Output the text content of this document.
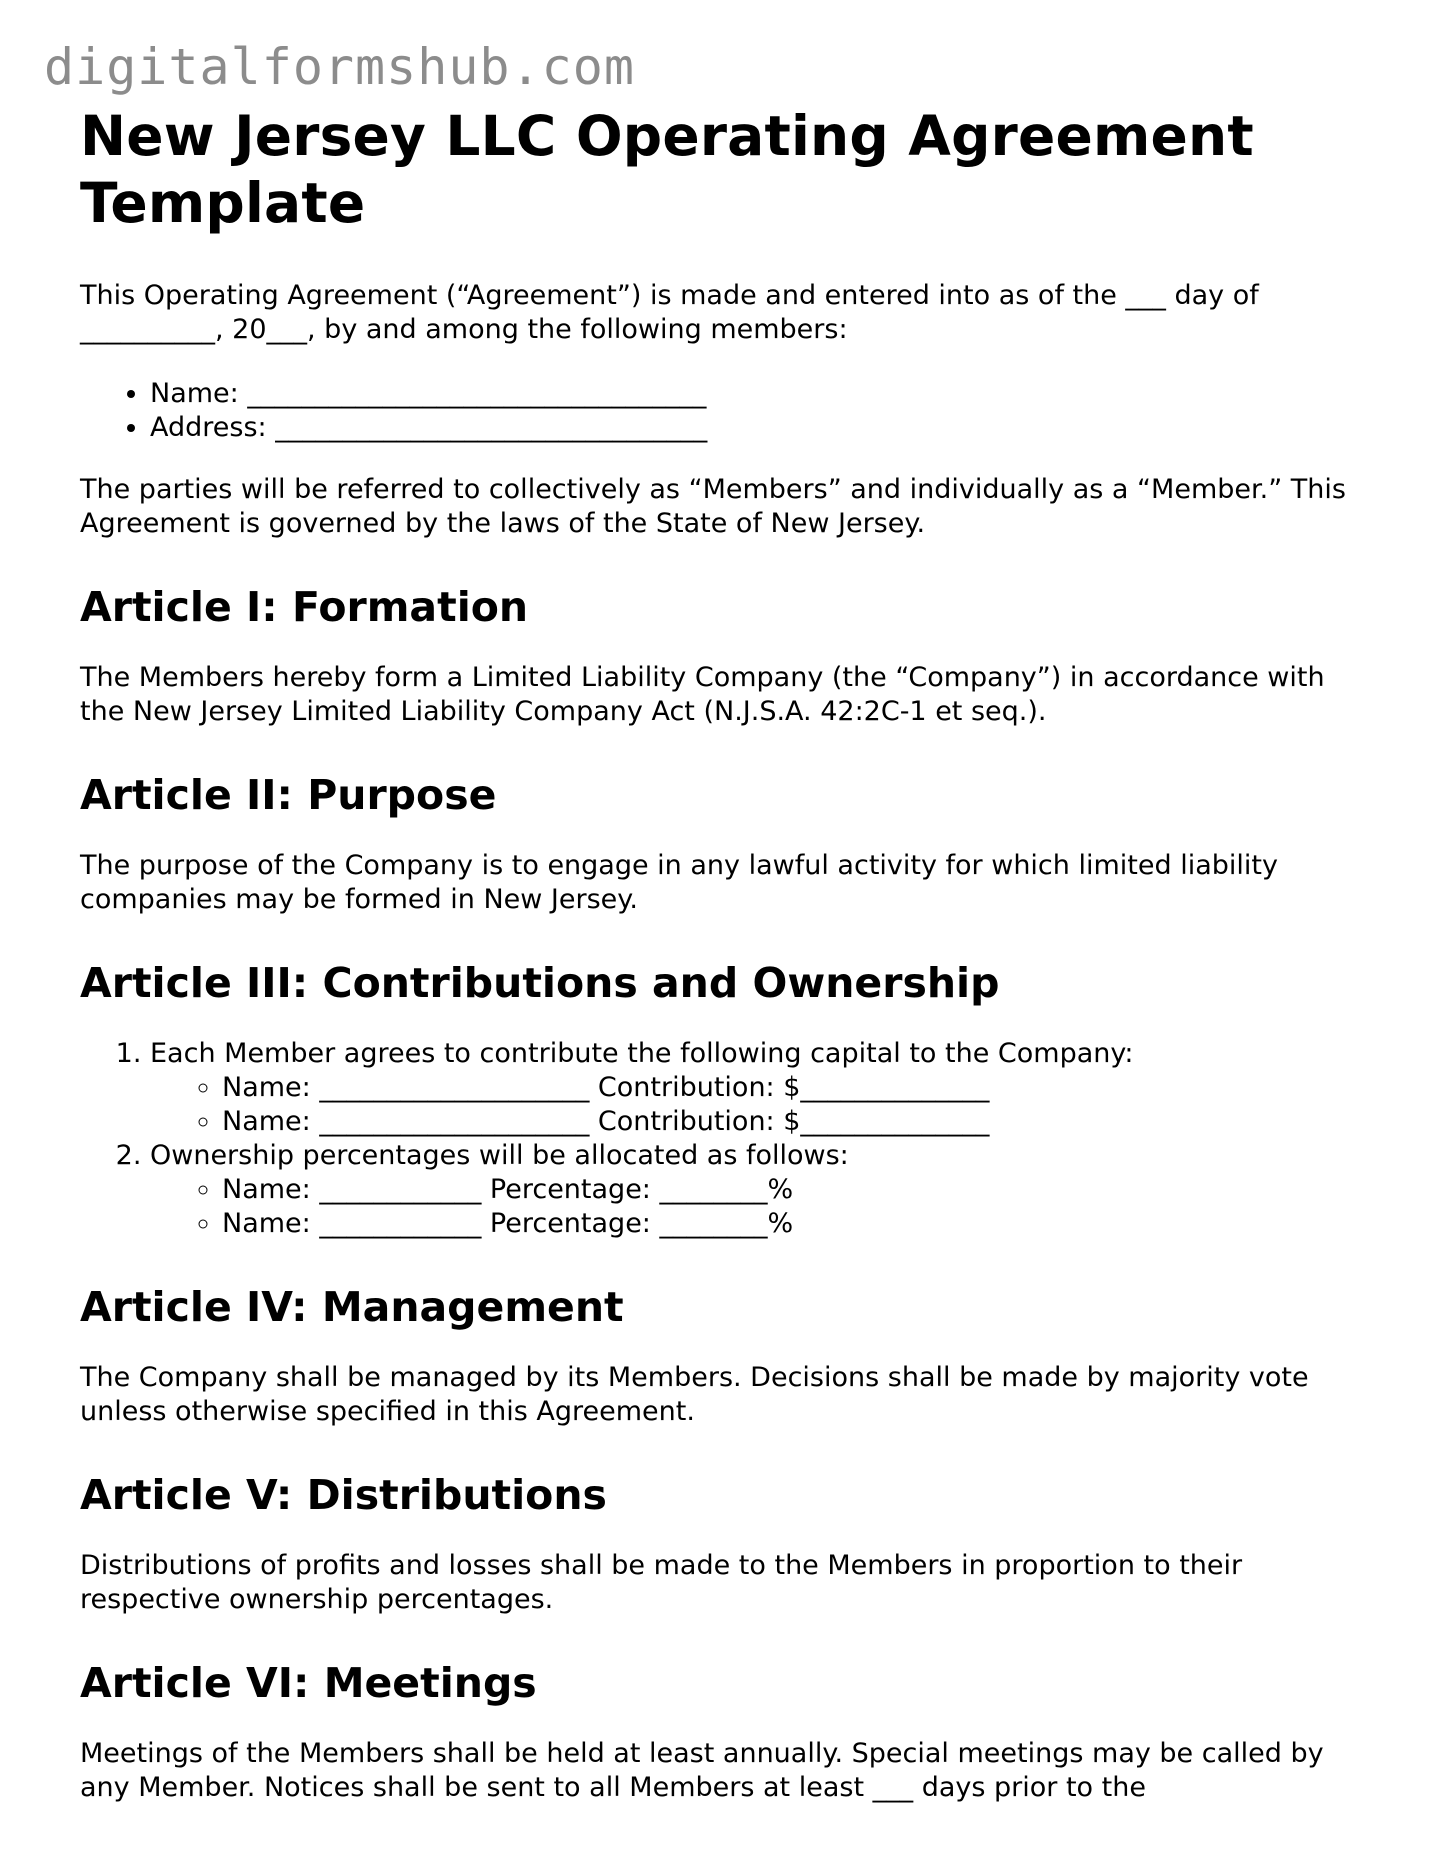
digitalformshub.com
New Jersey LLC Operating Agreement Template

This Operating Agreement (“Agreement”) is made and entered into as of the ___ day of __________, 20___, by and among the following members:

• Name: __________________________________
• Address: ________________________________

The parties will be referred to collectively as “Members” and individually as a “Member.” This Agreement is governed by the laws of the State of New Jersey.

Article I: Formation

The Members hereby form a Limited Liability Company (the “Company”) in accordance with the New Jersey Limited Liability Company Act (N.J.S.A. 42:2C-1 et seq.).

Article II: Purpose

The purpose of the Company is to engage in any lawful activity for which limited liability companies may be formed in New Jersey.

Article III: Contributions and Ownership
1. Each Member agrees to contribute the following capital to the Company:
◦ Name: ____________________ Contribution: $______________
◦ Name: ____________________ Contribution: $______________
2. Ownership percentages will be allocated as follows:
◦ Name: ____________ Percentage: ________%
◦ Name: ____________ Percentage: ________%
Article IV: Management

The Company shall be managed by its Members. Decisions shall be made by majority vote unless otherwise specified in this Agreement.

Article V: Distributions

Distributions of profits and losses shall be made to the Members in proportion to their respective ownership percentages.

Article VI: Meetings

Meetings of the Members shall be held at least annually. Special meetings may be called by any Member. Notices shall be sent to all Members at least ___ days prior to the
